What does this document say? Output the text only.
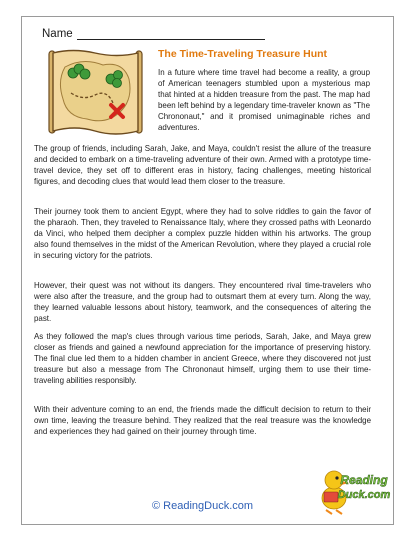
Name
The Time-Traveling Treasure Hunt

In a future where time travel had become a reality, a group of American teenagers stumbled upon a mysterious map that hinted at a hidden treasure from the past. The map had been left behind by a legendary time-traveler known as "The Chrononaut," and it promised unimaginable riches and adventures.

The group of friends, including Sarah, Jake, and Maya, couldn't resist the allure of the treasure and decided to embark on a time-traveling adventure of their own. Armed with a prototype time-travel device, they set off to different eras in history, facing challenges, meeting historical figures, and decoding clues that would lead them closer to the treasure.

Their journey took them to ancient Egypt, where they had to solve riddles to gain the favor of the pharaoh. Then, they traveled to Renaissance Italy, where they crossed paths with Leonardo da Vinci, who helped them decipher a complex puzzle hidden within his artworks. The group also found themselves in the midst of the American Revolution, where they played a crucial role in securing victory for the patriots.

However, their quest was not without its dangers. They encountered rival time-travelers who were also after the treasure, and the group had to outsmart them at every turn. Along the way, they learned valuable lessons about history, teamwork, and the consequences of altering the past.

As they followed the map's clues through various time periods, Sarah, Jake, and Maya grew closer as friends and gained a newfound appreciation for the importance of preserving history. The final clue led them to a hidden chamber in ancient Greece, where they discovered not just treasure but also a message from The Chrononaut himself, urging them to use their time-traveling abilities responsibly.

With their adventure coming to an end, the friends made the difficult decision to return to their own time, leaving the treasure behind. They realized that the real treasure was the knowledge and experiences they had gained on their journey through time.

© ReadingDuck.com
Reading
Duck.com
